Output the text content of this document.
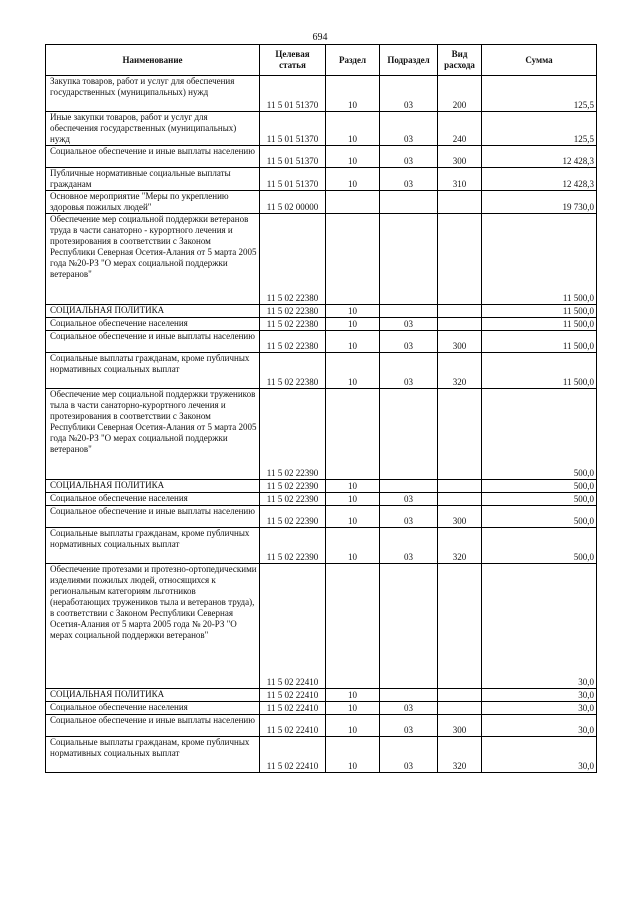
694
Наименование	Целевая статья	Раздел	Подраздел	Вид расхода	Сумма
Закупка товаров, работ и услуг для обеспечения государственных (муниципальных) нужд	11 5 01 51370	10	03	200	125,5
Иные закупки товаров, работ и услуг для обеспечения государственных (муниципальных) нужд	11 5 01 51370	10	03	240	125,5
Социальное обеспечение и иные выплаты населению	11 5 01 51370	10	03	300	12 428,3
Публичные нормативные социальные выплаты гражданам	11 5 01 51370	10	03	310	12 428,3
Основное мероприятие "Меры по укреплению здоровья пожилых людей"	11 5 02 00000				19 730,0
Обеспечение мер социальной поддержки ветеранов труда в части санаторно - курортного лечения и протезирования в соответствии с Законом Республики Северная Осетия-Алания от 5 марта 2005 года №20-РЗ "О мерах социальной поддержки ветеранов"	11 5 02 22380				11 500,0
СОЦИАЛЬНАЯ ПОЛИТИКА	11 5 02 22380	10			11 500,0
Социальное обеспечение населения	11 5 02 22380	10	03		11 500,0
Социальное обеспечение и иные выплаты населению	11 5 02 22380	10	03	300	11 500,0
Социальные выплаты гражданам, кроме публичных нормативных социальных выплат	11 5 02 22380	10	03	320	11 500,0
Обеспечение мер социальной поддержки тружеников тыла в части санаторно-курортного лечения и протезирования в соответствии с Законом Республики Северная Осетия-Алания от 5 марта 2005 года №20-РЗ "О мерах социальной поддержки ветеранов"	11 5 02 22390				500,0
СОЦИАЛЬНАЯ ПОЛИТИКА	11 5 02 22390	10			500,0
Социальное обеспечение населения	11 5 02 22390	10	03		500,0
Социальное обеспечение и иные выплаты населению	11 5 02 22390	10	03	300	500,0
Социальные выплаты гражданам, кроме публичных нормативных социальных выплат	11 5 02 22390	10	03	320	500,0
Обеспечение протезами и протезно-ортопедическими изделиями пожилых людей, относящихся к региональным категориям льготников (неработающих тружеников тыла и ветеранов труда), в соответствии с Законом Республики Северная Осетия-Алания от 5 марта 2005 года № 20-РЗ "О мерах социальной поддержки ветеранов"	11 5 02 22410				30,0
СОЦИАЛЬНАЯ ПОЛИТИКА	11 5 02 22410	10			30,0
Социальное обеспечение населения	11 5 02 22410	10	03		30,0
Социальное обеспечение и иные выплаты населению	11 5 02 22410	10	03	300	30,0
Социальные выплаты гражданам, кроме публичных нормативных социальных выплат	11 5 02 22410	10	03	320	30,0
